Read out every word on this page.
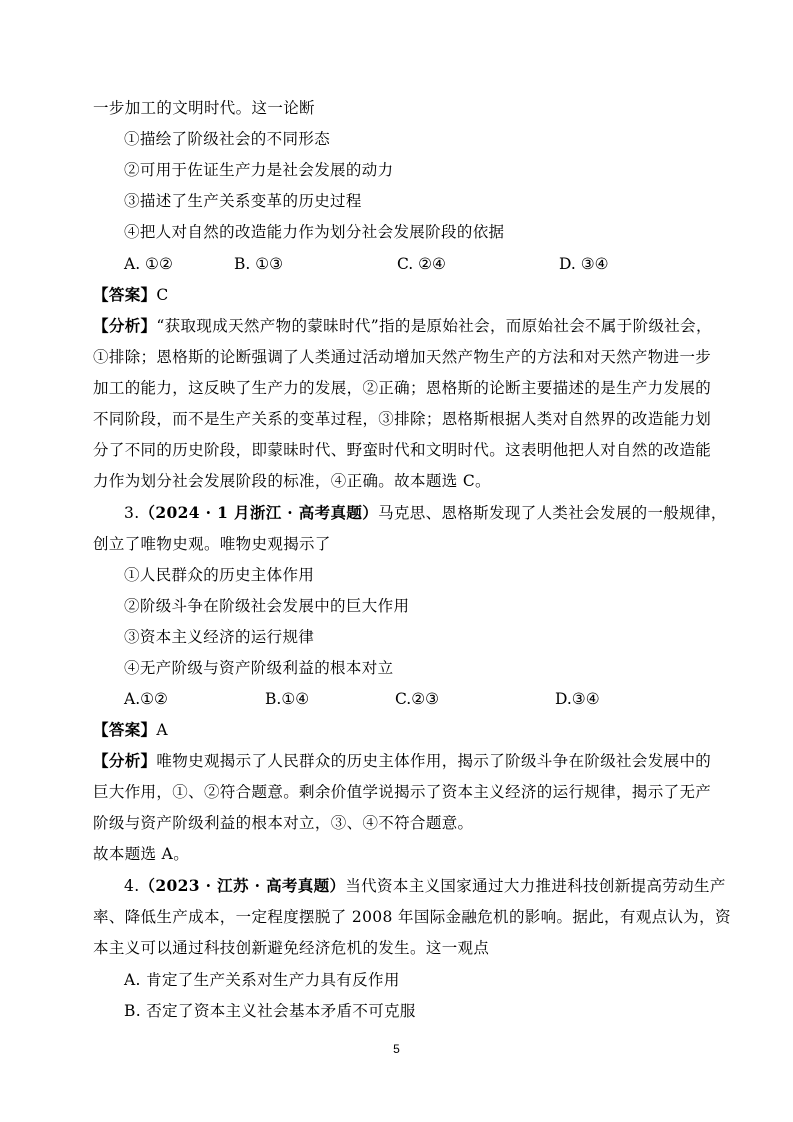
一步加工的文明时代。这一论断
①描绘了阶级社会的不同形态
②可用于佐证生产力是社会发展的动力
③描述了生产关系变革的历史过程
④把人对自然的改造能力作为划分社会发展阶段的依据
A. ①②	B. ①③	C. ②④	D. ③④
【答案】C
【分析】“获取现成天然产物的蒙昧时代”指的是原始社会，而原始社会不属于阶级社会，
①排除；恩格斯的论断强调了人类通过活动增加天然产物生产的方法和对天然产物进一步
加工的能力，这反映了生产力的发展，②正确；恩格斯的论断主要描述的是生产力发展的
不同阶段，而不是生产关系的变革过程，③排除；恩格斯根据人类对自然界的改造能力划
分了不同的历史阶段，即蒙昧时代、野蛮时代和文明时代。这表明他把人对自然的改造能
力作为划分社会发展阶段的标准，④正确。故本题选 C。
3.（2024 · 1 月浙江 · 高考真题）马克思、恩格斯发现了人类社会发展的一般规律，
创立了唯物史观。唯物史观揭示了
①人民群众的历史主体作用
②阶级斗争在阶级社会发展中的巨大作用
③资本主义经济的运行规律
④无产阶级与资产阶级利益的根本对立
A.①②	B.①④	C.②③	D.③④
【答案】A
【分析】唯物史观揭示了人民群众的历史主体作用，揭示了阶级斗争在阶级社会发展中的
巨大作用，①、②符合题意。剩余价值学说揭示了资本主义经济的运行规律，揭示了无产
阶级与资产阶级利益的根本对立，③、④不符合题意。
故本题选 A。
4.（2023 · 江苏 · 高考真题）当代资本主义国家通过大力推进科技创新提高劳动生产
率、降低生产成本，一定程度摆脱了 2008 年国际金融危机的影响。据此，有观点认为，资
本主义可以通过科技创新避免经济危机的发生。这一观点
A. 肯定了生产关系对生产力具有反作用
B. 否定了资本主义社会基本矛盾不可克服
5
